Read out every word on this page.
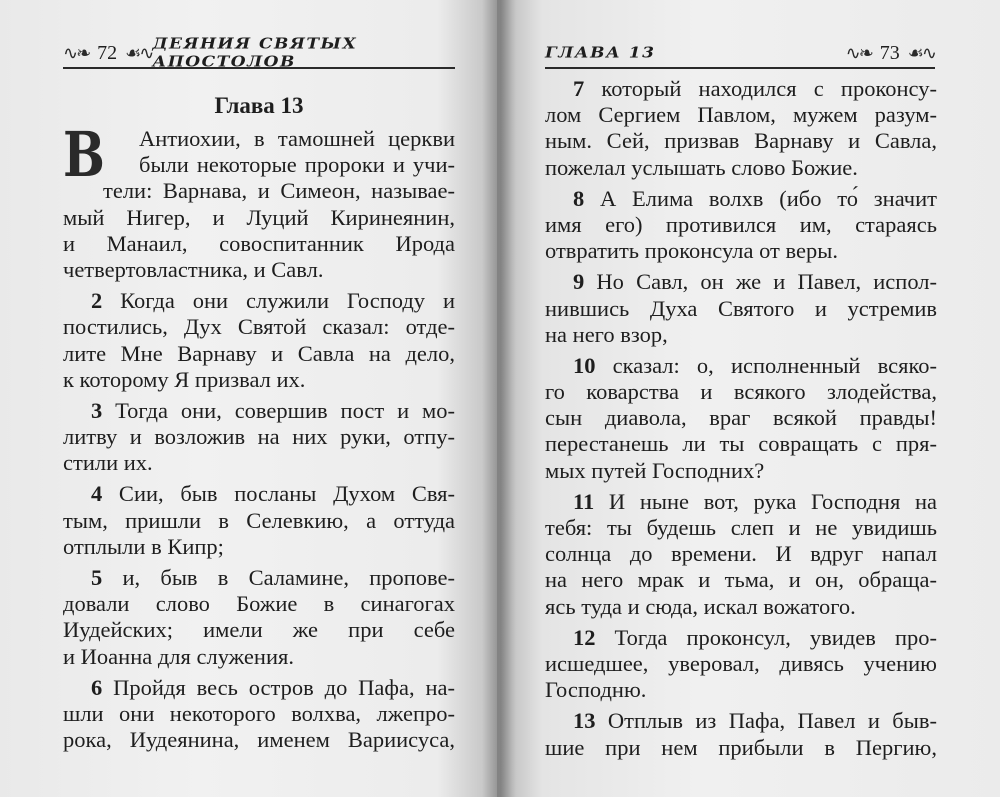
∿❧ 72 ☙∿ ДЕЯНИЯ СВЯТЫХ АПОСТОЛОВ
Глава 13
В	Антиохии, в тамошней церкви
были некоторые пророки и учи-
тели: Варнава, и Симеон, называе-
мый Нигер, и Луций Киринеянин,
и Манаил, совоспитанник Ирода
четвертовластника, и Савл.
2 Когда они служили Господу и
постились, Дух Святой сказал: отде-
лите Мне Варнаву и Савла на дело,
к которому Я призвал их.
3 Тогда они, совершив пост и мо-
литву и возложив на них руки, отпу-
стили их.
4 Сии, быв посланы Духом Свя-
тым, пришли в Селевкию, а оттуда
отплыли в Кипр;
5 и, быв в Саламине, пропове-
довали слово Божие в синагогах
Иудейских; имели же при себе
и Иоанна для служения.
6 Пройдя весь остров до Пафа, на-
шли они некоторого волхва, лжепро-
рока, Иудеянина, именем Вариисуса,
ГЛАВА 13	∿❧ 73 ☙∿
7 который находился с проконсу-
лом Сергием Павлом, мужем разум-
ным. Сей, призвав Варнаву и Савла,
пожелал услышать слово Божие.
8 А Елима волхв (ибо то́ значит
имя его) противился им, стараясь
отвратить проконсула от веры.
9 Но Савл, он же и Павел, испол-
нившись Духа Святого и устремив
на него взор,
10 сказал: о, исполненный всяко-
го коварства и всякого злодейства,
сын диавола, враг всякой правды!
перестанешь ли ты совращать с пря-
мых путей Господних?
11 И ныне вот, рука Господня на
тебя: ты будешь слеп и не увидишь
солнца до времени. И вдруг напал
на него мрак и тьма, и он, обраща-
ясь туда и сюда, искал вожатого.
12 Тогда проконсул, увидев про-
исшедшее, уверовал, дивясь учению
Господню.
13 Отплыв из Пафа, Павел и быв-
шие при нем прибыли в Пергию,
